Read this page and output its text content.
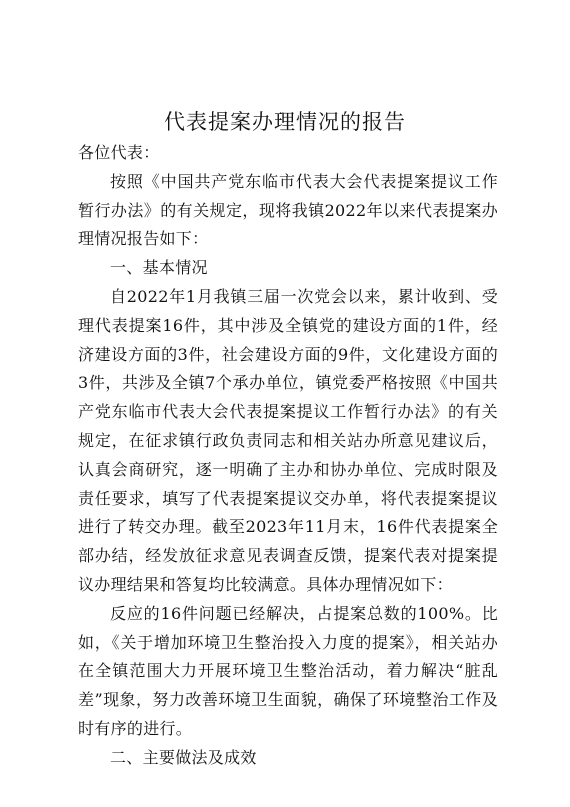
代表提案办理情况的报告

各位代表：

按照《中国共产党东临市代表大会代表提案提议工作暂行办法》的有关规定，现将我镇2022年以来代表提案办理情况报告如下：

一、基本情况

自2022年1月我镇三届一次党会以来，累计收到、受理代表提案16件，其中涉及全镇党的建设方面的1件，经济建设方面的3件，社会建设方面的9件，文化建设方面的3件，共涉及全镇7个承办单位，镇党委严格按照《中国共产党东临市代表大会代表提案提议工作暂行办法》的有关规定，在征求镇行政负责同志和相关站办所意见建议后，认真会商研究，逐一明确了主办和协办单位、完成时限及责任要求，填写了代表提案提议交办单，将代表提案提议进行了转交办理。截至2023年11月末，16件代表提案全部办结，经发放征求意见表调查反馈，提案代表对提案提议办理结果和答复均比较满意。具体办理情况如下：

反应的16件问题已经解决，占提案总数的100%。比如，《关于增加环境卫生整治投入力度的提案》，相关站办在全镇范围大力开展环境卫生整治活动，着力解决“脏乱差”现象，努力改善环境卫生面貌，确保了环境整治工作及时有序的进行。

二、主要做法及成效
